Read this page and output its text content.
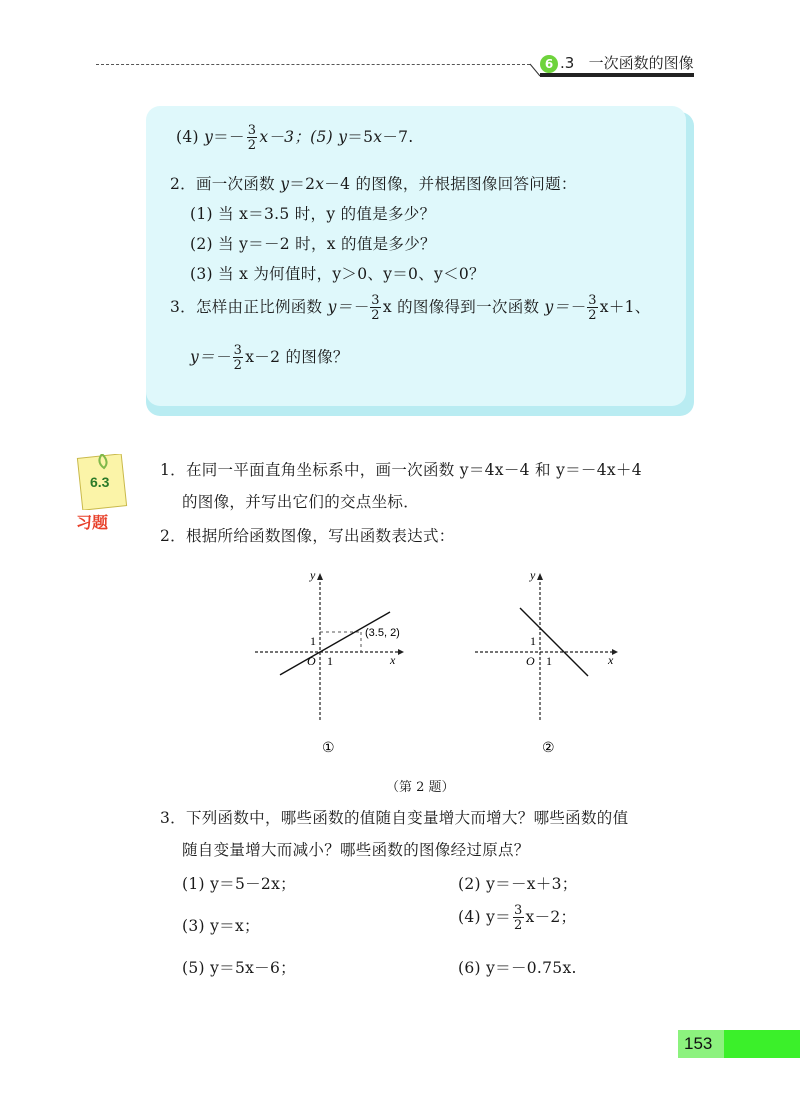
6 .3 一次函数的图像
(4) $y=- \frac{3}{2} x-3$；(5) y＝5x－7.
2．画一次函数 y＝2x－4 的图像，并根据图像回答问题：
(1) 当 x＝3.5 时，y 的值是多少？
(2) 当 y＝－2 时，x 的值是多少？
(3) 当 x 为何值时，y＞0、y＝0、y＜0？
3．怎样由正比例函数 $y=- \frac{3}{2}$ x 的图像得到一次函数 $y=- \frac{3}{2} x+1$、
$y=- \frac{3}{2} x-2$ 的图像？
6.3
习题
1．在同一平面直角坐标系中，画一次函数 y＝4x－4 和 y＝－4x＋4
的图像，并写出它们的交点坐标．
2．根据所给函数图像，写出函数表达式：
y
x
O 1
1
(3.5, 2)
①
y
x
O 1
1
②
（第 2 题）
3．下列函数中，哪些函数的值随自变量增大而增大？哪些函数的值
随自变量增大而减小？哪些函数的图像经过原点？
(1) y＝5－2x；	(2) y＝－x＋3；
(3) y＝x；	(4) $y= \frac{3}{2} x-2$；
(5) y＝5x－6；	(6) y＝－0.75x.
153
